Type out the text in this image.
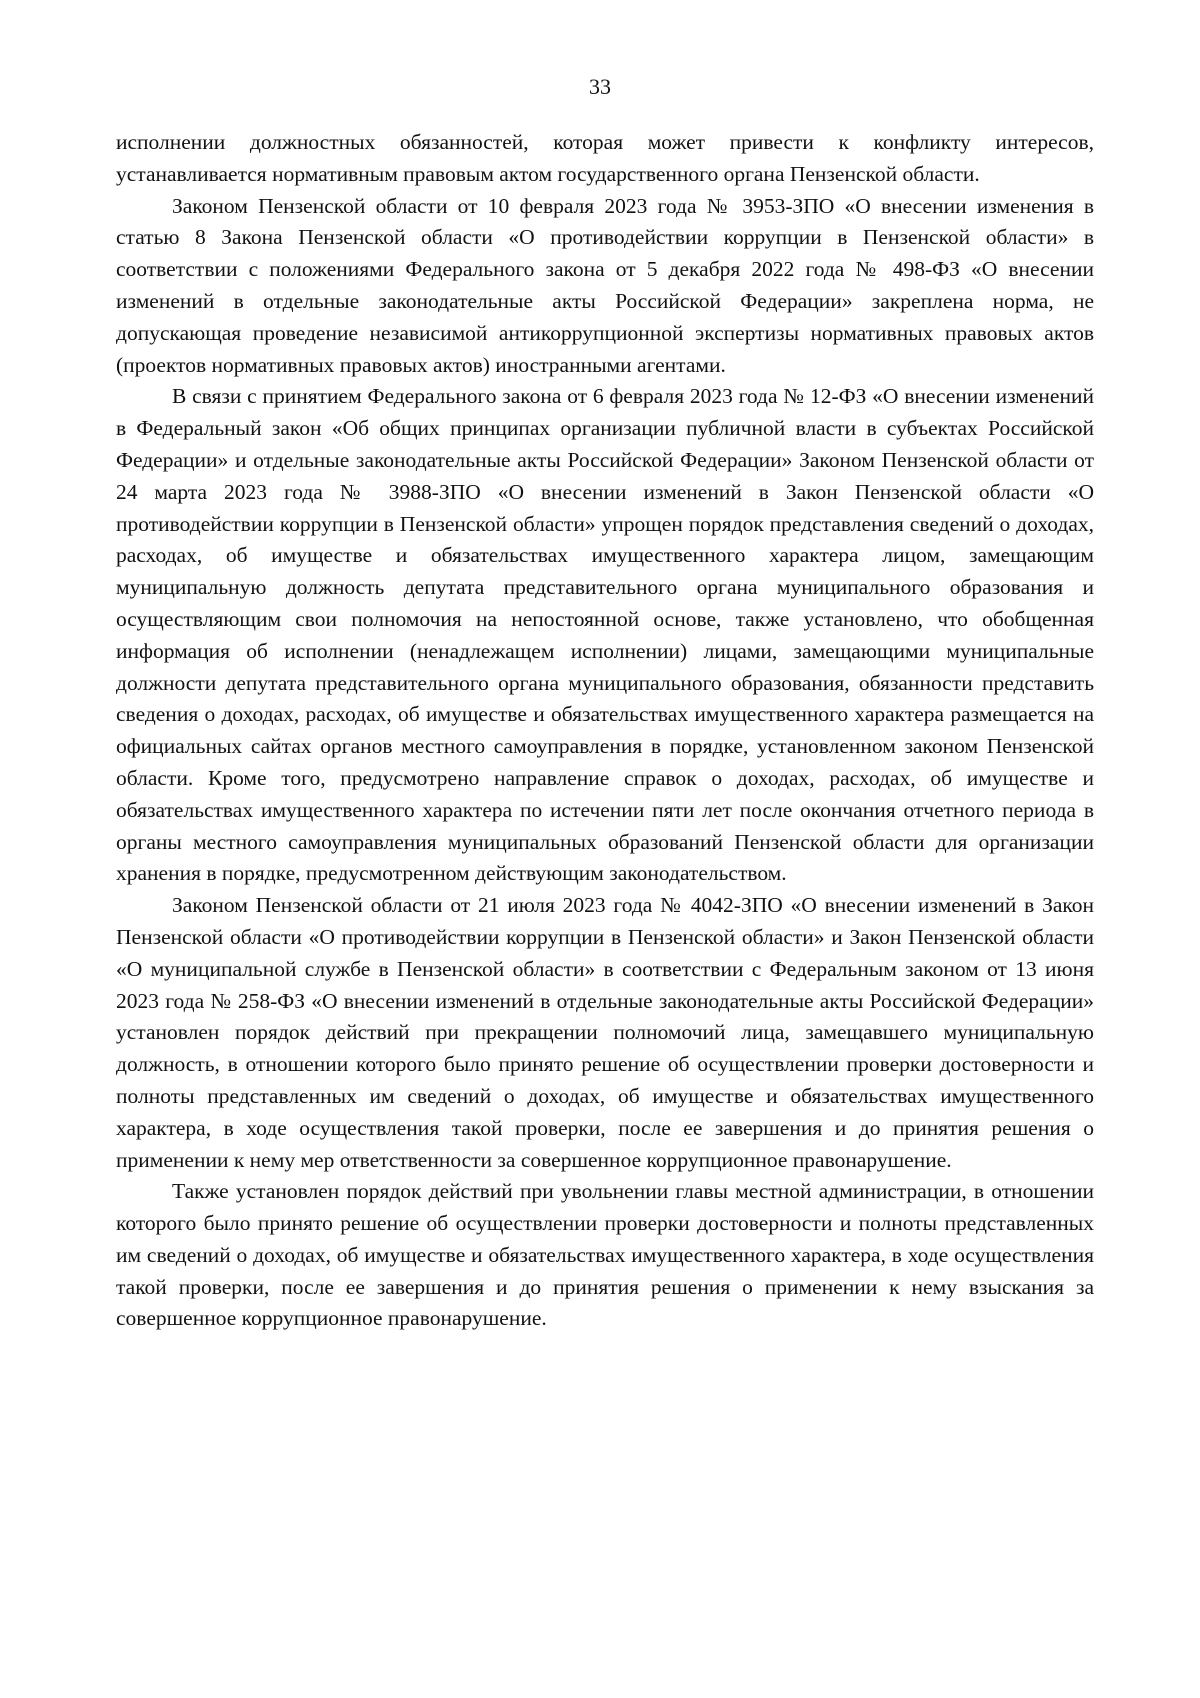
33

исполнении должностных обязанностей, которая может привести к конфликту интересов, устанавливается нормативным правовым актом государственного органа Пензенской области.

Законом Пензенской области от 10 февраля 2023 года № 3953-ЗПО «О внесении изменения в статью 8 Закона Пензенской области «О противодействии коррупции в Пензенской области» в соответствии с положениями Федерального закона от 5 декабря 2022 года № 498-ФЗ «О внесении изменений в отдельные законодательные акты Российской Федерации» закреплена норма, не допускающая проведение независимой антикоррупционной экспертизы нормативных правовых актов (проектов нормативных правовых актов) иностранными агентами.

В связи с принятием Федерального закона от 6 февраля 2023 года № 12-ФЗ «О внесении изменений в Федеральный закон «Об общих принципах организации публичной власти в субъектах Российской Федерации» и отдельные законодательные акты Российской Федерации» Законом Пензенской области от 24 марта 2023 года № 3988-ЗПО «О внесении изменений в Закон Пензенской области «О противодействии коррупции в Пензенской области» упрощен порядок представления сведений о доходах, расходах, об имуществе и обязательствах имущественного характера лицом, замещающим муниципальную должность депутата представительного органа муниципального образования и осуществляющим свои полномочия на непостоянной основе, также установлено, что обобщенная информация об исполнении (ненадлежащем исполнении) лицами, замещающими муниципальные должности депутата представительного органа муниципального образования, обязанности представить сведения о доходах, расходах, об имуществе и обязательствах имущественного характера размещается на официальных сайтах органов местного самоуправления в порядке, установленном законом Пензенской области. Кроме того, предусмотрено направление справок о доходах, расходах, об имуществе и обязательствах имущественного характера по истечении пяти лет после окончания отчетного периода в органы местного самоуправления муниципальных образований Пензенской области для организации хранения в порядке, предусмотренном действующим законодательством.

Законом Пензенской области от 21 июля 2023 года № 4042-ЗПО «О внесении изменений в Закон Пензенской области «О противодействии коррупции в Пензенской области» и Закон Пензенской области «О муниципальной службе в Пензенской области» в соответствии с Федеральным законом от 13 июня 2023 года № 258-ФЗ «О внесении изменений в отдельные законодательные акты Российской Федерации» установлен порядок действий при прекращении полномочий лица, замещавшего муниципальную должность, в отношении которого было принято решение об осуществлении проверки достоверности и полноты представленных им сведений о доходах, об имуществе и обязательствах имущественного характера, в ходе осуществления такой проверки, после ее завершения и до принятия решения о применении к нему мер ответственности за совершенное коррупционное правонарушение.

Также установлен порядок действий при увольнении главы местной администрации, в отношении которого было принято решение об осуществлении проверки достоверности и полноты представленных им сведений о доходах, об имуществе и обязательствах имущественного характера, в ходе осуществления такой проверки, после ее завершения и до принятия решения о применении к нему взыскания за совершенное коррупционное правонарушение.
